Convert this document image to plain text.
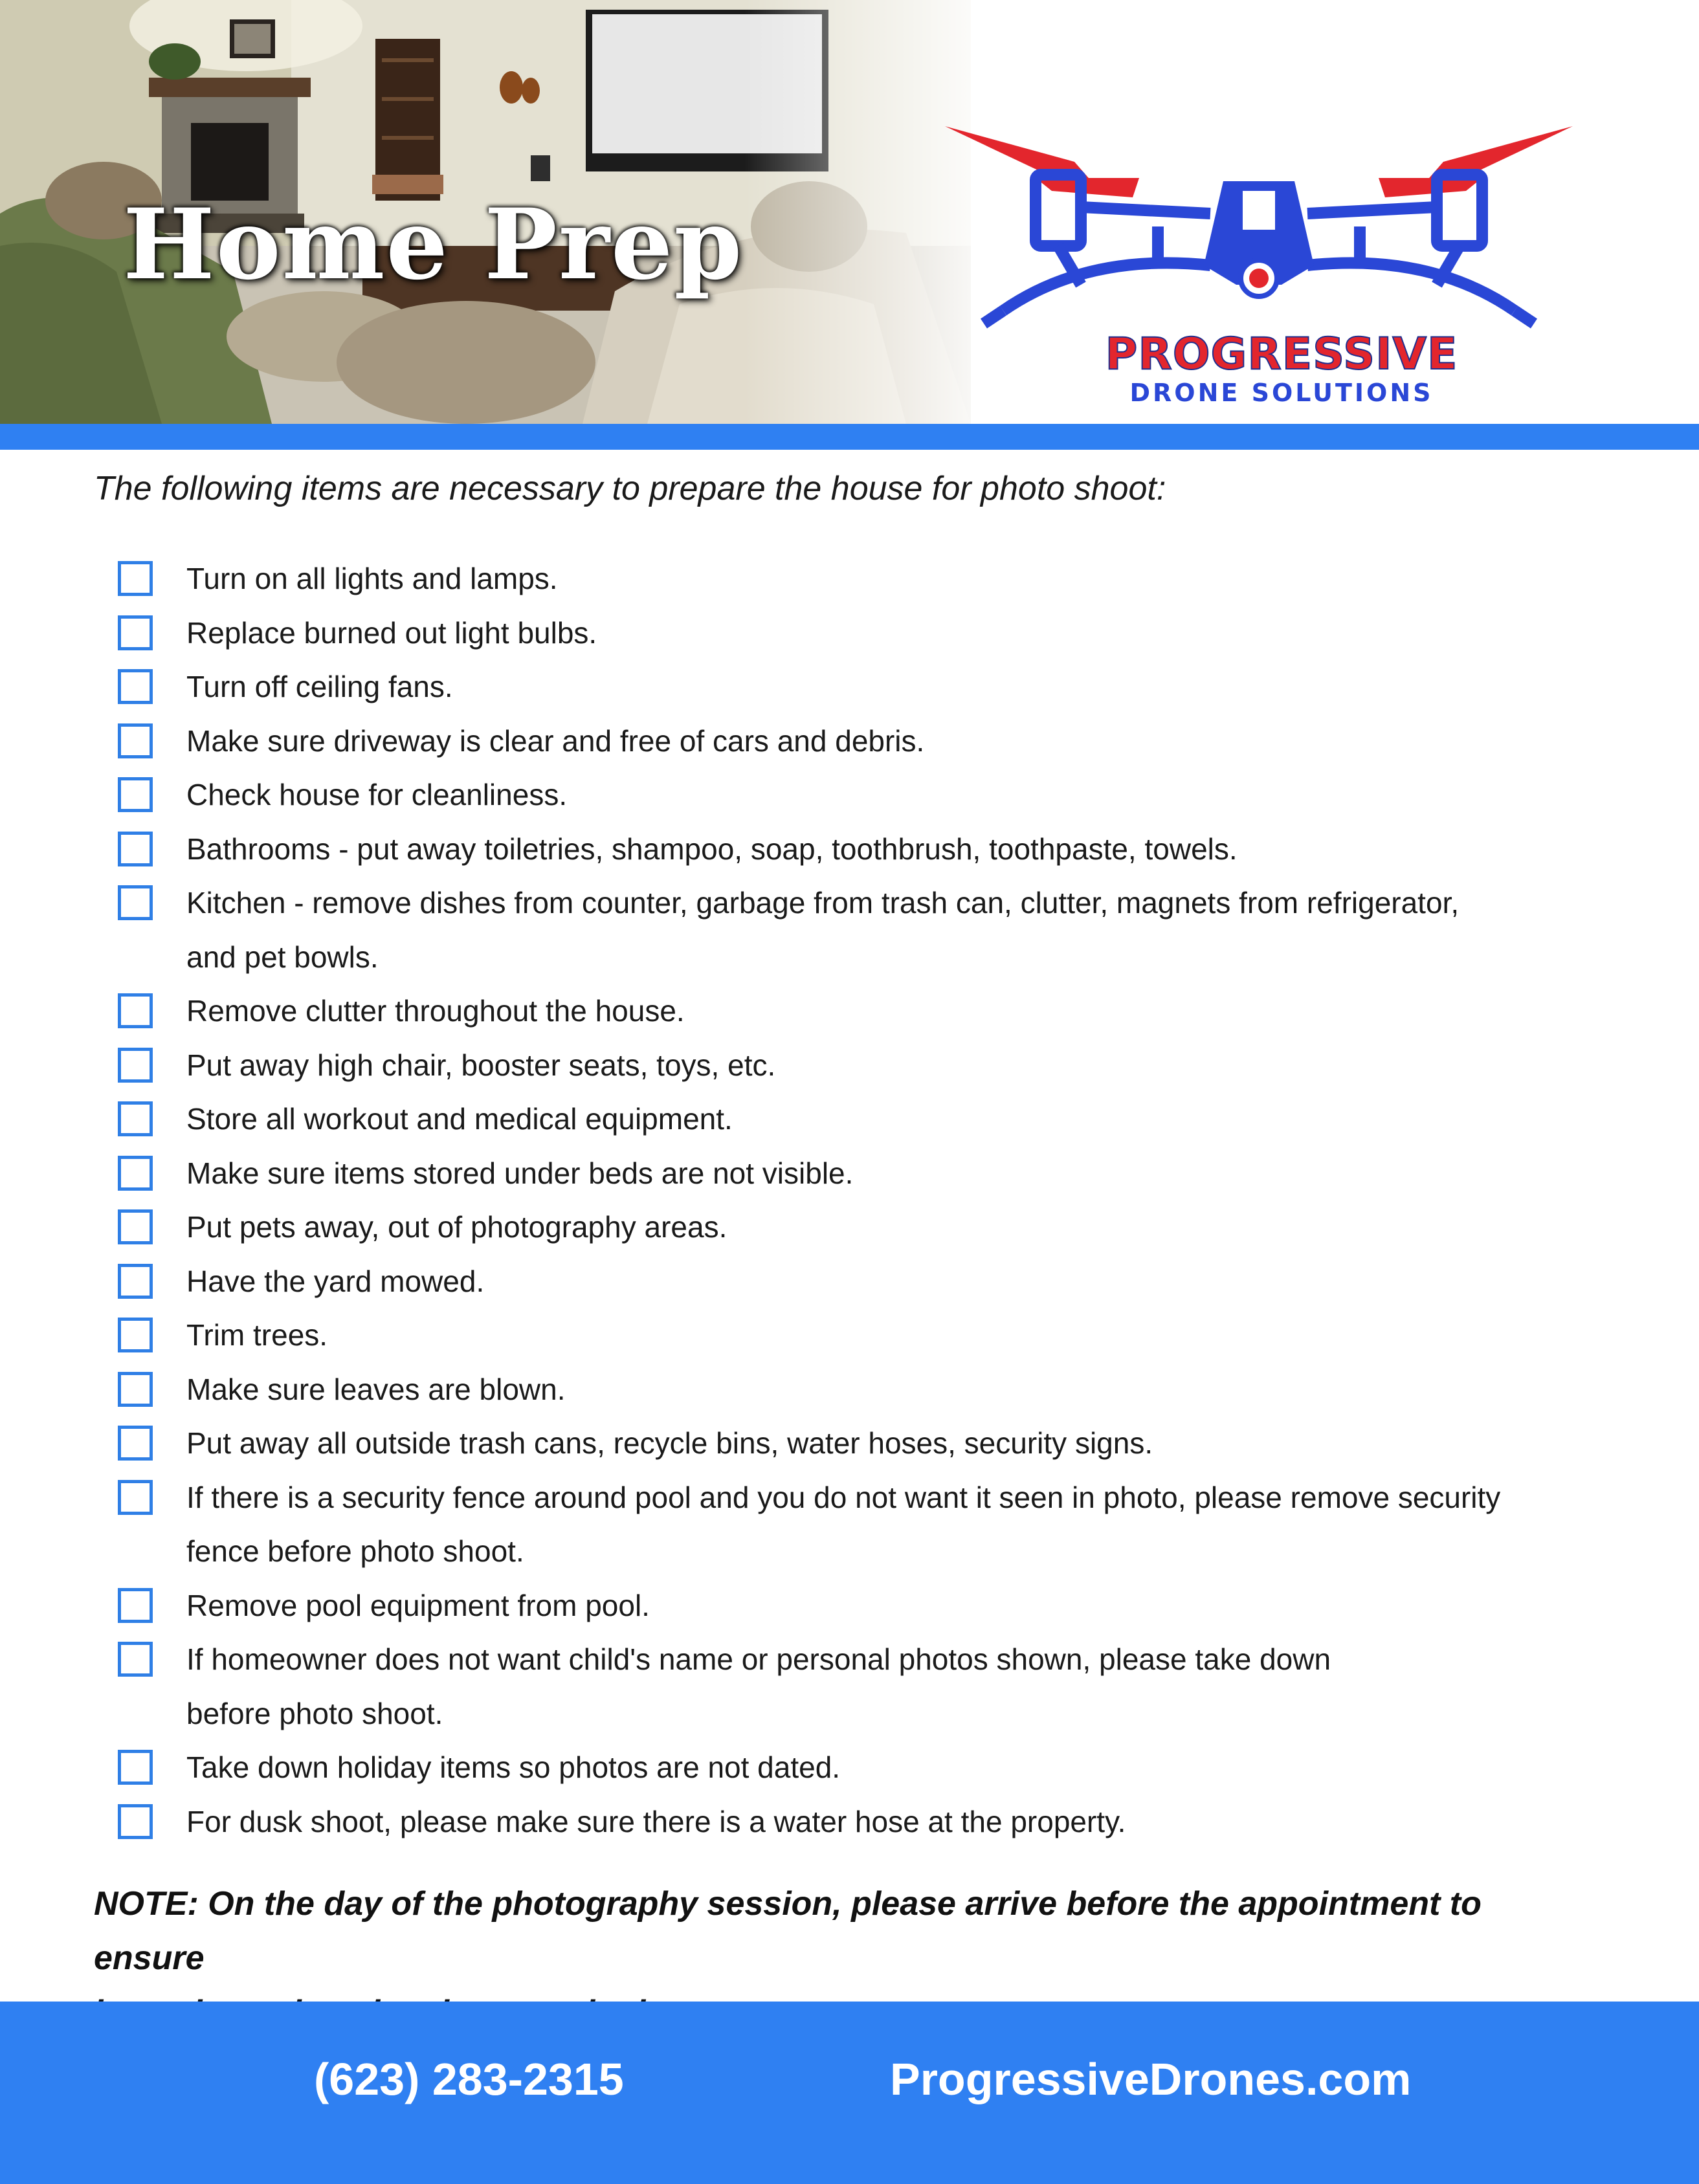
Home Prep
PROGRESSIVE
DRONE SOLUTIONS
The following items are necessary to prepare the house for photo shoot:
Turn on all lights and lamps.
Replace burned out light bulbs.
Turn off ceiling fans.
Make sure driveway is clear and free of cars and debris.
Check house for cleanliness.
Bathrooms - put away toiletries, shampoo, soap, toothbrush, toothpaste, towels.
Kitchen - remove dishes from counter, garbage from trash can, clutter, magnets from refrigerator,
and pet bowls.
Remove clutter throughout the house.
Put away high chair, booster seats, toys, etc.
Store all workout and medical equipment.
Make sure items stored under beds are not visible.
Put pets away, out of photography areas.
Have the yard mowed.
Trim trees.
Make sure leaves are blown.
Put away all outside trash cans, recycle bins, water hoses, security signs.
If there is a security fence around pool and you do not want it seen in photo, please remove security
fence before photo shoot.
Remove pool equipment from pool.
If homeowner does not want child's name or personal photos shown, please take down
before photo shoot.
Take down holiday items so photos are not dated.
For dusk shoot, please make sure there is a water hose at the property.
NOTE: On the day of the photography session, please arrive before the appointment to ensure
(623) 283-2315	ProgressiveDrones.com
